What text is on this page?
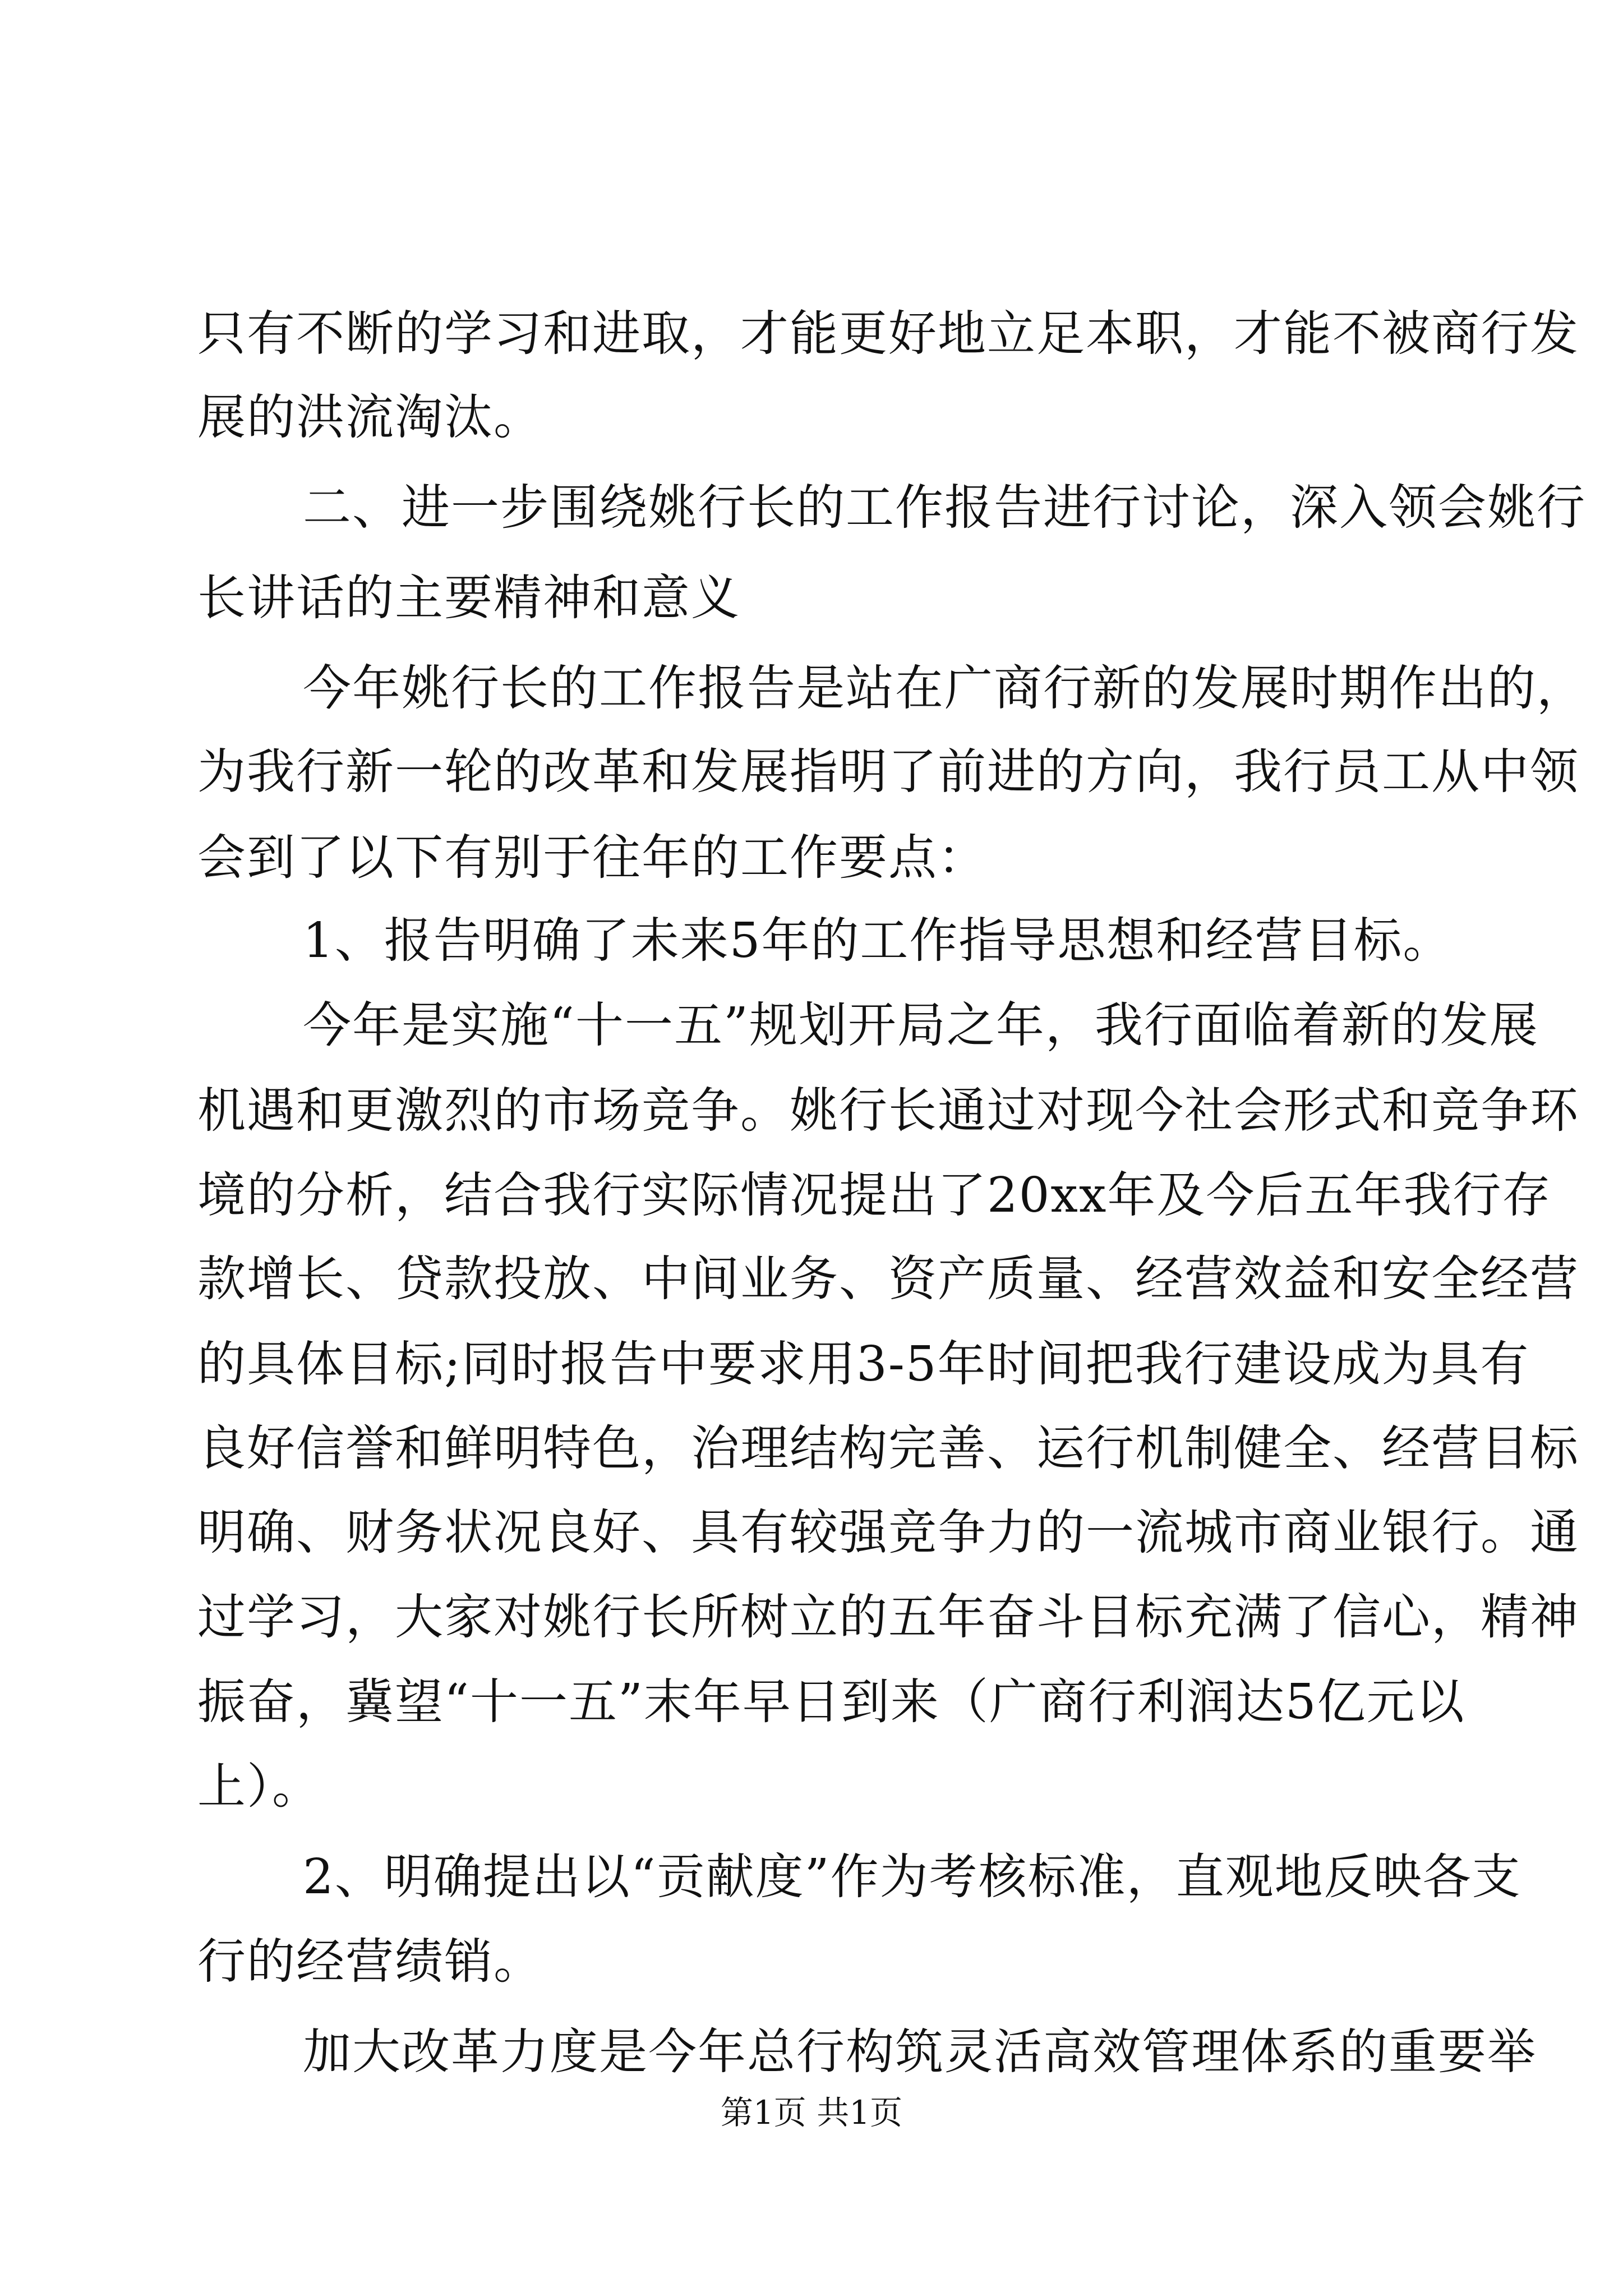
只有不断的学习和进取，才能更好地立足本职，才能不被商行发
展的洪流淘汰。
二、进一步围绕姚行长的工作报告进行讨论，深入领会姚行
长讲话的主要精神和意义
今年姚行长的工作报告是站在广商行新的发展时期作出的，
为我行新一轮的改革和发展指明了前进的方向，我行员工从中领
会到了以下有别于往年的工作要点：
1、报告明确了未来5年的工作指导思想和经营目标。
今年是实施“十一五”规划开局之年，我行面临着新的发展
机遇和更激烈的市场竞争。姚行长通过对现今社会形式和竞争环
境的分析，结合我行实际情况提出了20xx年及今后五年我行存
款增长、贷款投放、中间业务、资产质量、经营效益和安全经营
的具体目标;同时报告中要求用3-5年时间把我行建设成为具有
良好信誉和鲜明特色，治理结构完善、运行机制健全、经营目标
明确、财务状况良好、具有较强竞争力的一流城市商业银行。通
过学习，大家对姚行长所树立的五年奋斗目标充满了信心，精神
振奋，冀望“十一五”末年早日到来（广商行利润达5亿元以
上）。
2、明确提出以“贡献度”作为考核标准，直观地反映各支
行的经营绩销。
加大改革力度是今年总行构筑灵活高效管理体系的重要举
第1页 共1页
